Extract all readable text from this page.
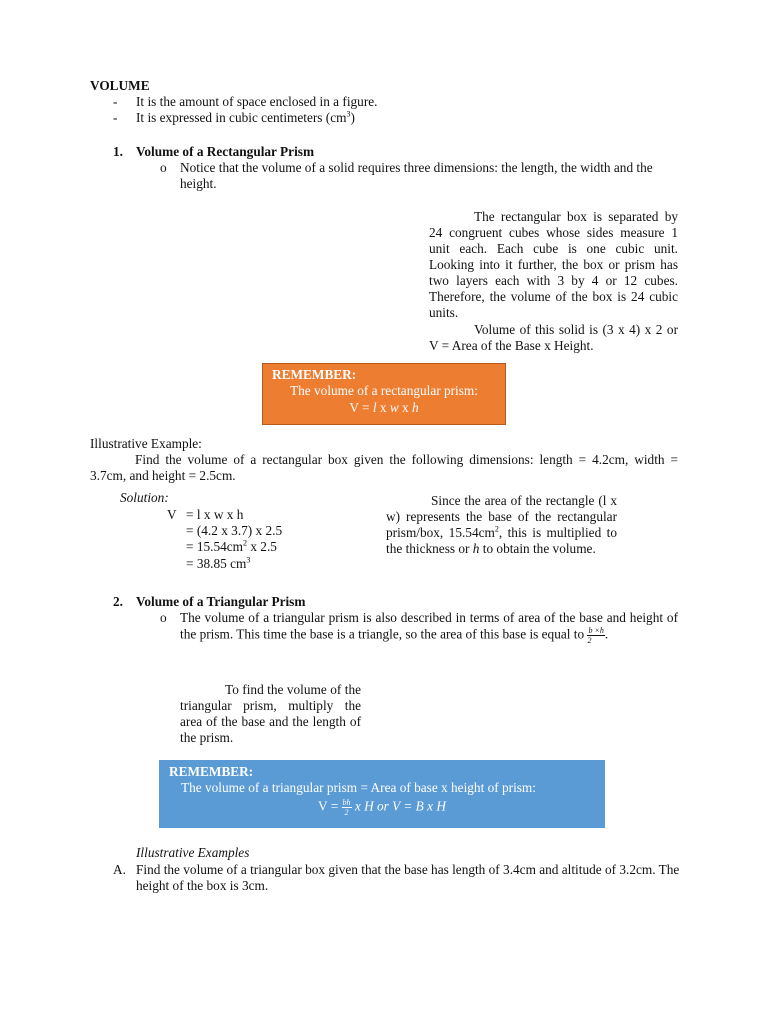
VOLUME
- It is the amount of space enclosed in a figure.
- It is expressed in cubic centimeters $(cm^3)$
1. Volume of a Rectangular Prism
o Notice that the volume of a solid requires three dimensions: the length, the width and the height.
The rectangular box is separated by 24 congruent cubes whose sides measure 1 unit each. Each cube is one cubic unit. Looking into it further, the box or prism has two layers each with 3 by 4 or 12 cubes. Therefore, the volume of the box is 24 cubic units.
Volume of this solid is (3 x 4) x 2 or V = Area of the Base x Height.
REMEMBER:
The volume of a rectangular prism:
V = l x w x h
Illustrative Example:
Find the volume of a rectangular box given the following dimensions: length = 4.2cm, width = 3.7cm, and height = 2.5cm.
Solution:
V = l x w x h
= (4.2 x 3.7) x 2.5
= $15.54cm^2$ x 2.5
= 38.85 $cm^3$
Since the area of the rectangle (l x w) represents the base of the rectangular prism/box, $15.54cm^2$, this is multiplied to the thickness or h to obtain the volume.
2. Volume of a Triangular Prism
o The volume of a triangular prism is also described in terms of area of the base and height of the prism. This time the base is a triangle, so the area of this base is equal to $\frac{b \times h}{2}$ .
To find the volume of the triangular prism, multiply the area of the base and the length of the prism.
REMEMBER:
The volume of a triangular prism = Area of base x height of prism:
$V = \frac{bh}{2}$ x H or V = B x H
Illustrative Examples
A. Find the volume of a triangular box given that the base has length of 3.4cm and altitude of 3.2cm. The height of the box is 3cm.
